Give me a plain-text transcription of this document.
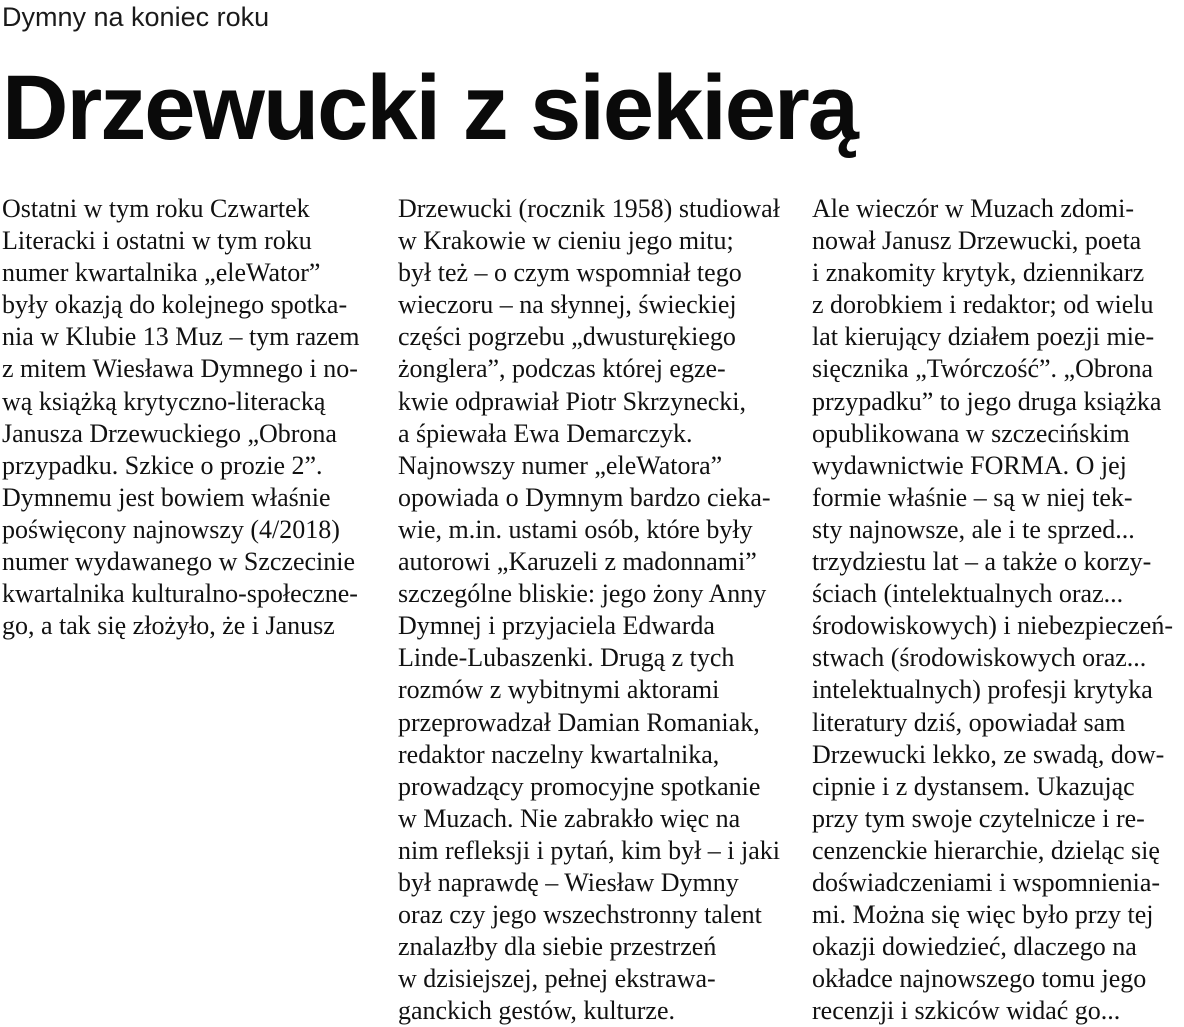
Dymny na koniec roku
Drzewucki z siekierą

Ostatni w tym roku Czwartek

Literacki i ostatni w tym roku

numer kwartalnika „eleWator”

były okazją do kolejnego spotka-

nia w Klubie 13 Muz – tym razem

z mitem Wiesława Dymnego i no-

wą książką krytyczno-literacką

Janusza Drzewuckiego „Obrona

przypadku. Szkice o prozie 2”.

Dymnemu jest bowiem właśnie

poświęcony najnowszy (4/2018)

numer wydawanego w Szczecinie

kwartalnika kulturalno-społeczne-

go, a tak się złożyło, że i Janusz

Drzewucki (rocznik 1958) studiował

w Krakowie w cieniu jego mitu;

był też – o czym wspomniał tego

wieczoru – na słynnej, świeckiej

części pogrzebu „dwusturękiego

żonglera”, podczas której egze-

kwie odprawiał Piotr Skrzynecki,

a śpiewała Ewa Demarczyk.

Najnowszy numer „eleWatora”

opowiada o Dymnym bardzo cieka-

wie, m.in. ustami osób, które były

autorowi „Karuzeli z madonnami”

szczególne bliskie: jego żony Anny

Dymnej i przyjaciela Edwarda

Linde-Lubaszenki. Drugą z tych

rozmów z wybitnymi aktorami

przeprowadzał Damian Romaniak,

redaktor naczelny kwartalnika,

prowadzący promocyjne spotkanie

w Muzach. Nie zabrakło więc na

nim refleksji i pytań, kim był – i jaki

był naprawdę – Wiesław Dymny

oraz czy jego wszechstronny talent

znalazłby dla siebie przestrzeń

w dzisiejszej, pełnej ekstrawa-

ganckich gestów, kulturze.

Ale wieczór w Muzach zdomi-

nował Janusz Drzewucki, poeta

i znakomity krytyk, dziennikarz

z dorobkiem i redaktor; od wielu

lat kierujący działem poezji mie-

sięcznika „Twórczość”. „Obrona

przypadku” to jego druga książka

opublikowana w szczecińskim

wydawnictwie FORMA. O jej

formie właśnie – są w niej tek-

sty najnowsze, ale i te sprzed...

trzydziestu lat – a także o korzy-

ściach (intelektualnych oraz...

środowiskowych) i niebezpieczeń-

stwach (środowiskowych oraz...

intelektualnych) profesji krytyka

literatury dziś, opowiadał sam

Drzewucki lekko, ze swadą, dow-

cipnie i z dystansem. Ukazując

przy tym swoje czytelnicze i re-

cenzenckie hierarchie, dzieląc się

doświadczeniami i wspomnienia-

mi. Można się więc było przy tej

okazji dowiedzieć, dlaczego na

okładce najnowszego tomu jego

recenzji i szkiców widać go...
